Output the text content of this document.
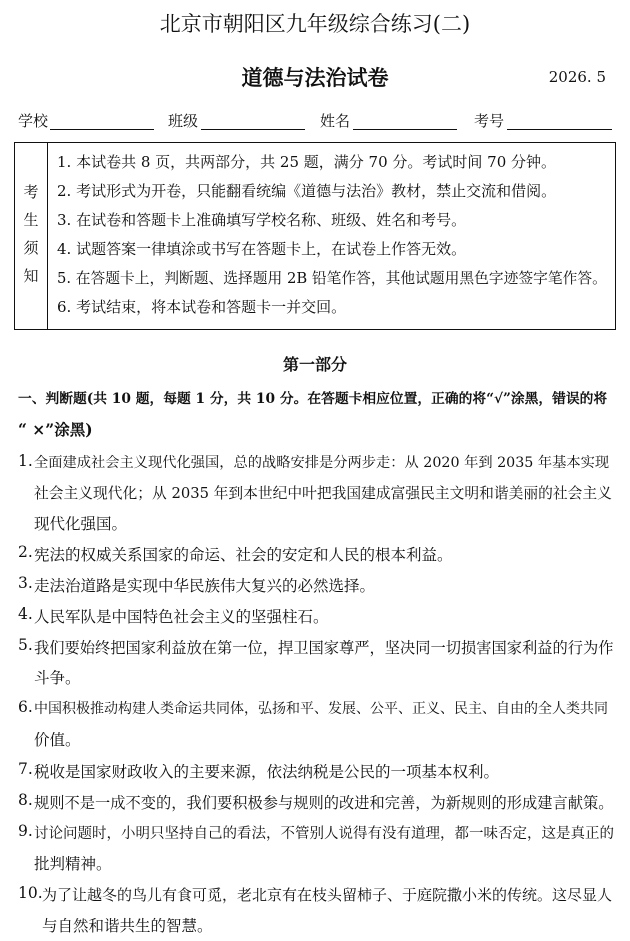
北京市朝阳区九年级综合练习(二)
道德与法治试卷	2026. 5
学校	班级	姓名	考号
考
生
须
知
1. 本试卷共 8 页，共两部分，共 25 题，满分 70 分。考试时间 70 分钟。
2. 考试形式为开卷，只能翻看统编《道德与法治》教材，禁止交流和借阅。
3. 在试卷和答题卡上准确填写学校名称、班级、姓名和考号。
4. 试题答案一律填涂或书写在答题卡上，在试卷上作答无效。
5. 在答题卡上，判断题、选择题用 2B 铅笔作答，其他试题用黑色字迹签字笔作答。
6. 考试结束，将本试卷和答题卡一并交回。
第一部分
一、判断题(共 10 题，每题 1 分，共 10 分。在答题卡相应位置，正确的将“√”涂黑，错误的将
“ ×”涂黑)
1. 全面建成社会主义现代化强国，总的战略安排是分两步走：从 2020 年到 2035 年基本实现
社会主义现代化；从 2035 年到本世纪中叶把我国建成富强民主文明和谐美丽的社会主义
现代化强国。
2. 宪法的权威关系国家的命运、社会的安定和人民的根本利益。
3. 走法治道路是实现中华民族伟大复兴的必然选择。
4. 人民军队是中国特色社会主义的坚强柱石。
5. 我们要始终把国家利益放在第一位，捍卫国家尊严，坚决同一切损害国家利益的行为作
斗争。
6. 中国积极推动构建人类命运共同体，弘扬和平、发展、公平、正义、民主、自由的全人类共同
价值。
7. 税收是国家财政收入的主要来源，依法纳税是公民的一项基本权利。
8. 规则不是一成不变的，我们要积极参与规则的改进和完善，为新规则的形成建言献策。
9. 讨论问题时，小明只坚持自己的看法，不管别人说得有没有道理，都一味否定，这是真正的
批判精神。
10. 为了让越冬的鸟儿有食可觅，老北京有在枝头留柿子、于庭院撒小米的传统。这尽显人
与自然和谐共生的智慧。
